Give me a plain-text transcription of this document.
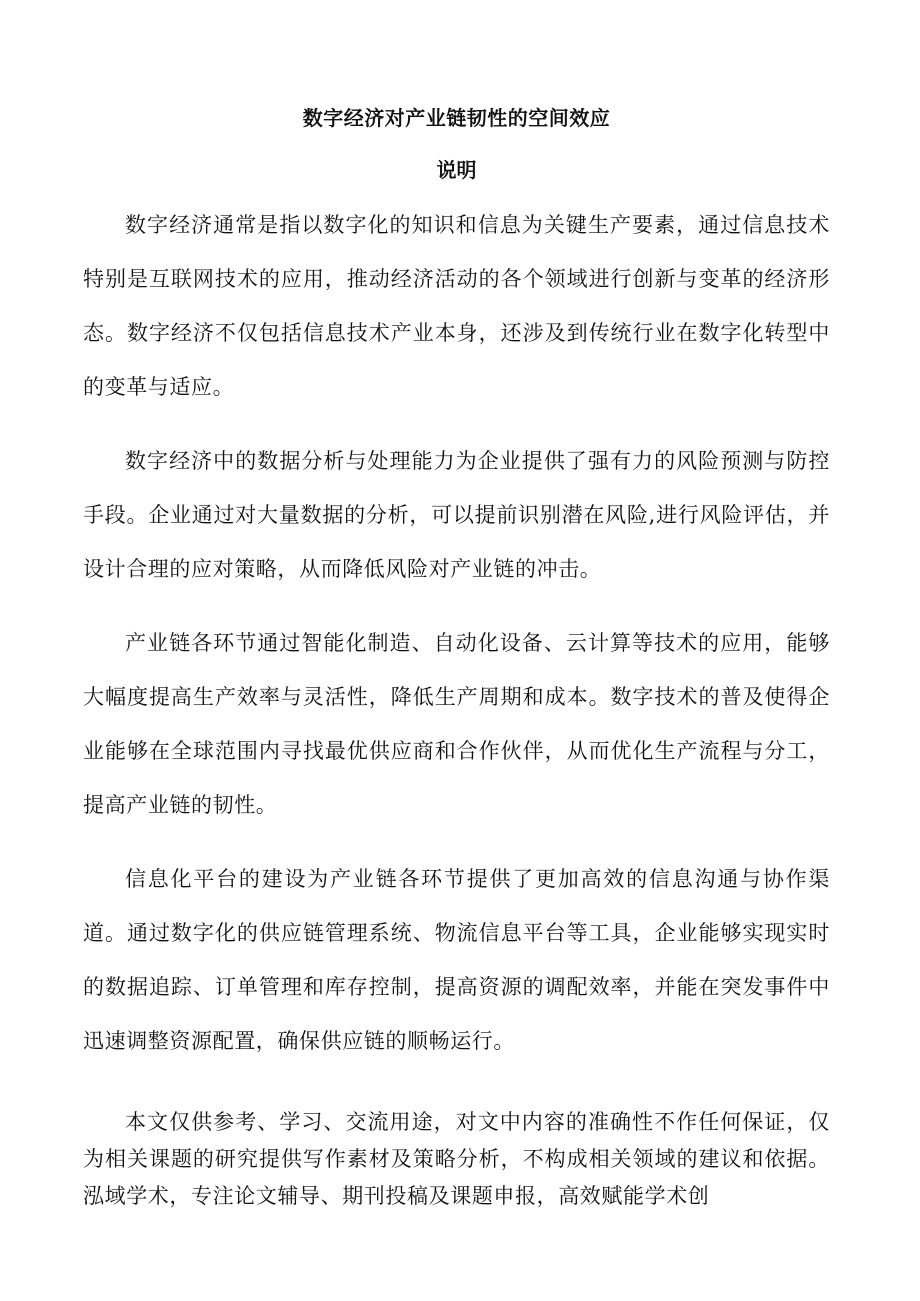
数字经济对产业链韧性的空间效应
说明

数字经济通常是指以数字化的知识和信息为关键生产要素，通过信息技术特别是互联网技术的应用，推动经济活动的各个领域进行创新与变革的经济形态。数字经济不仅包括信息技术产业本身，还涉及到传统行业在数字化转型中的变革与适应。

数字经济中的数据分析与处理能力为企业提供了强有力的风险预测与防控手段。企业通过对大量数据的分析，可以提前识别潜在风险,进行风险评估，并设计合理的应对策略，从而降低风险对产业链的冲击。

产业链各环节通过智能化制造、自动化设备、云计算等技术的应用，能够大幅度提高生产效率与灵活性，降低生产周期和成本。数字技术的普及使得企业能够在全球范围内寻找最优供应商和合作伙伴，从而优化生产流程与分工，提高产业链的韧性。

信息化平台的建设为产业链各环节提供了更加高效的信息沟通与协作渠道。通过数字化的供应链管理系统、物流信息平台等工具，企业能够实现实时的数据追踪、订单管理和库存控制，提高资源的调配效率，并能在突发事件中迅速调整资源配置，确保供应链的顺畅运行。

本文仅供参考、学习、交流用途，对文中内容的准确性不作任何保证，仅为相关课题的研究提供写作素材及策略分析，不构成相关领域的建议和依据。泓域学术，专注论文辅导、期刊投稿及课题申报，高效赋能学术创
